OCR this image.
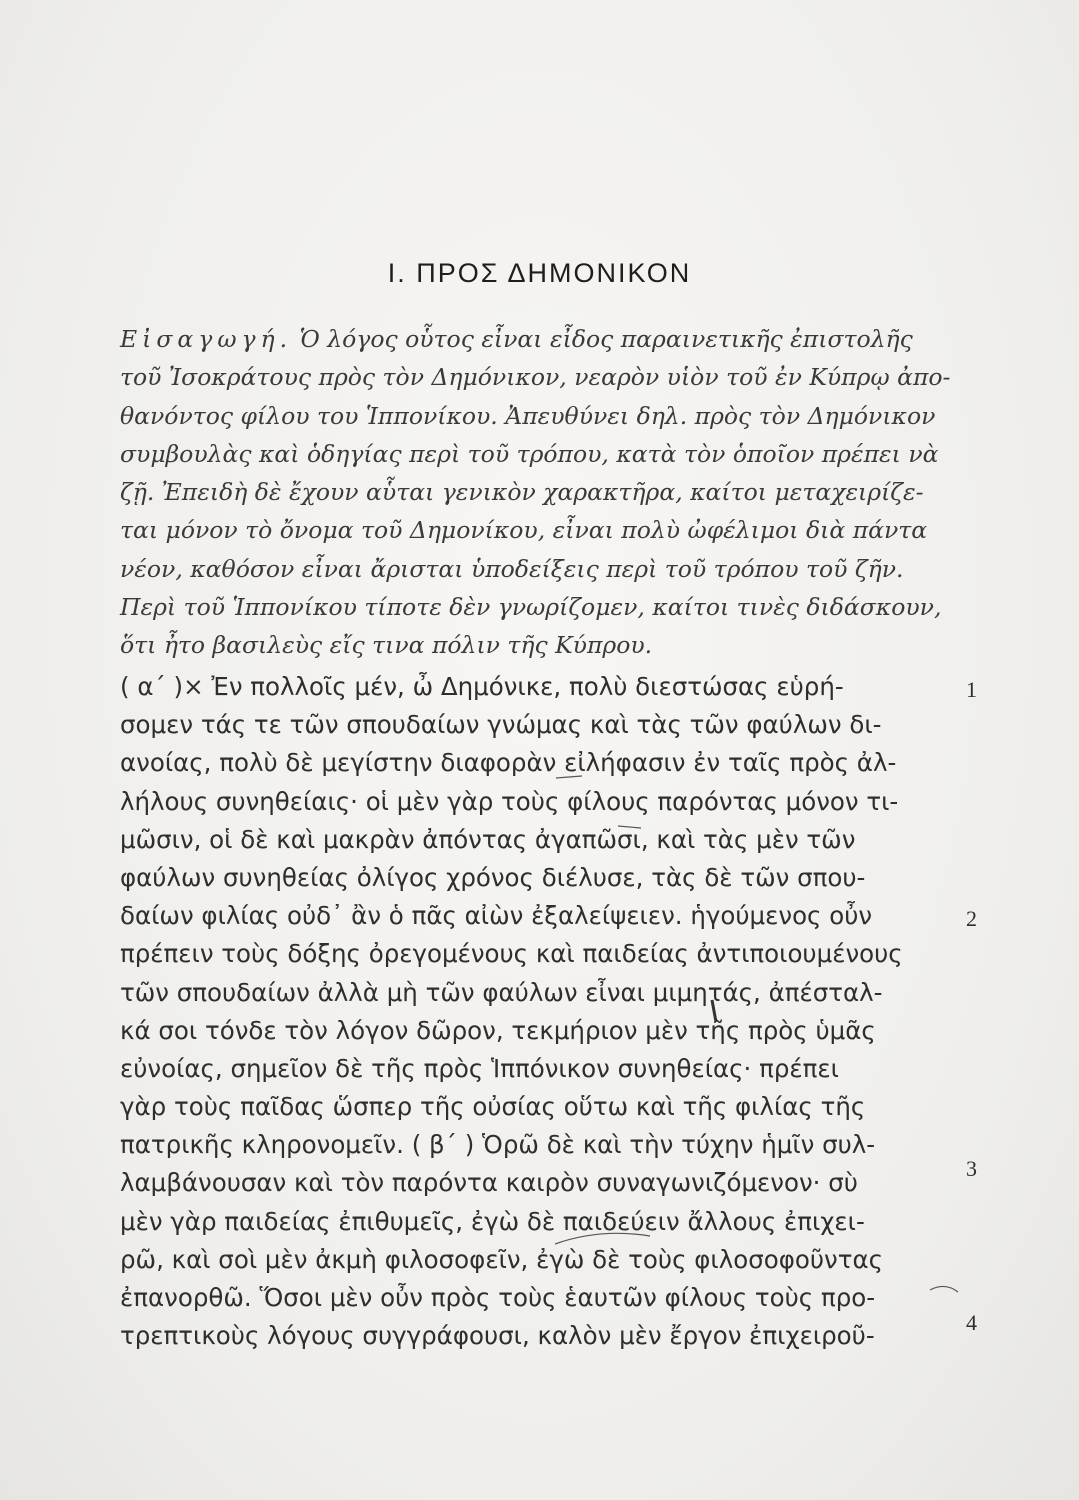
I. ΠΡΟΣ ΔΗΜΟΝΙΚΟΝ
Εἰσαγωγή. Ὁ λόγος οὗτος εἶναι εἶδος παραινετικῆς ἐπιστολῆς
τοῦ Ἰσοκράτους πρὸς τὸν Δημόνικον, νεαρὸν υἱὸν τοῦ ἐν Κύπρῳ ἀπο-
θανόντος φίλου του Ἱππονίκου. Ἀπευθύνει δηλ. πρὸς τὸν Δημόνικον
συμβουλὰς καὶ ὁδηγίας περὶ τοῦ τρόπου, κατὰ τὸν ὁποῖον πρέπει νὰ
ζῇ. Ἐπειδὴ δὲ ἔχουν αὗται γενικὸν χαρακτῆρα, καίτοι μεταχειρίζε-
ται μόνον τὸ ὄνομα τοῦ Δημονίκου, εἶναι πολὺ ὠφέλιμοι διὰ πάντα
νέον, καθόσον εἶναι ἄρισται ὑποδείξεις περὶ τοῦ τρόπου τοῦ ζῆν.
Περὶ τοῦ Ἱππονίκου τίποτε δὲν γνωρίζομεν, καίτοι τινὲς διδάσκουν,
ὅτι ἦτο βασιλεὺς εἴς τινα πόλιν τῆς Κύπρου.
( α΄ )× Ἐν πολλοῖς μέν, ὦ Δημόνικε, πολὺ διεστώσας εὑρή-
σομεν τάς τε τῶν σπουδαίων γνώμας καὶ τὰς τῶν φαύλων δι-
ανοίας, πολὺ δὲ μεγίστην διαφορὰν εἰλήφασιν ἐν ταῖς πρὸς ἀλ-
λήλους συνηθείαις· οἱ μὲν γὰρ τοὺς φίλους παρόντας μόνον τι-
μῶσιν, οἱ δὲ καὶ μακρὰν ἀπόντας ἀγαπῶσι, καὶ τὰς μὲν τῶν
φαύλων συνηθείας ὀλίγος χρόνος διέλυσε, τὰς δὲ τῶν σπου-
δαίων φιλίας οὐδ᾽ ἂν ὁ πᾶς αἰὼν ἐξαλείψειεν. ἡγούμενος οὖν
πρέπειν τοὺς δόξης ὀρεγομένους καὶ παιδείας ἀντιποιουμένους
τῶν σπουδαίων ἀλλὰ μὴ τῶν φαύλων εἶναι μιμητάς, ἀπέσταλ-
κά σοι τόνδε τὸν λόγον δῶρον, τεκμήριον μὲν τῆς πρὸς ὑμᾶς
εὐνοίας, σημεῖον δὲ τῆς πρὸς Ἱππόνικον συνηθείας· πρέπει
γὰρ τοὺς παῖδας ὥσπερ τῆς οὐσίας οὕτω καὶ τῆς φιλίας τῆς
πατρικῆς κληρονομεῖν. ( β΄ ) Ὁρῶ δὲ καὶ τὴν τύχην ἡμῖν συλ-
λαμβάνουσαν καὶ τὸν παρόντα καιρὸν συναγωνιζόμενον· σὺ
μὲν γὰρ παιδείας ἐπιθυμεῖς, ἐγὼ δὲ παιδεύειν ἄλλους ἐπιχει-
ρῶ, καὶ σοὶ μὲν ἀκμὴ φιλοσοφεῖν, ἐγὼ δὲ τοὺς φιλοσοφοῦντας
ἐπανορθῶ. Ὅσοι μὲν οὖν πρὸς τοὺς ἑαυτῶν φίλους τοὺς προ-
τρεπτικοὺς λόγους συγγράφουσι, καλὸν μὲν ἔργον ἐπιχειροῦ-
1
2
3
4
